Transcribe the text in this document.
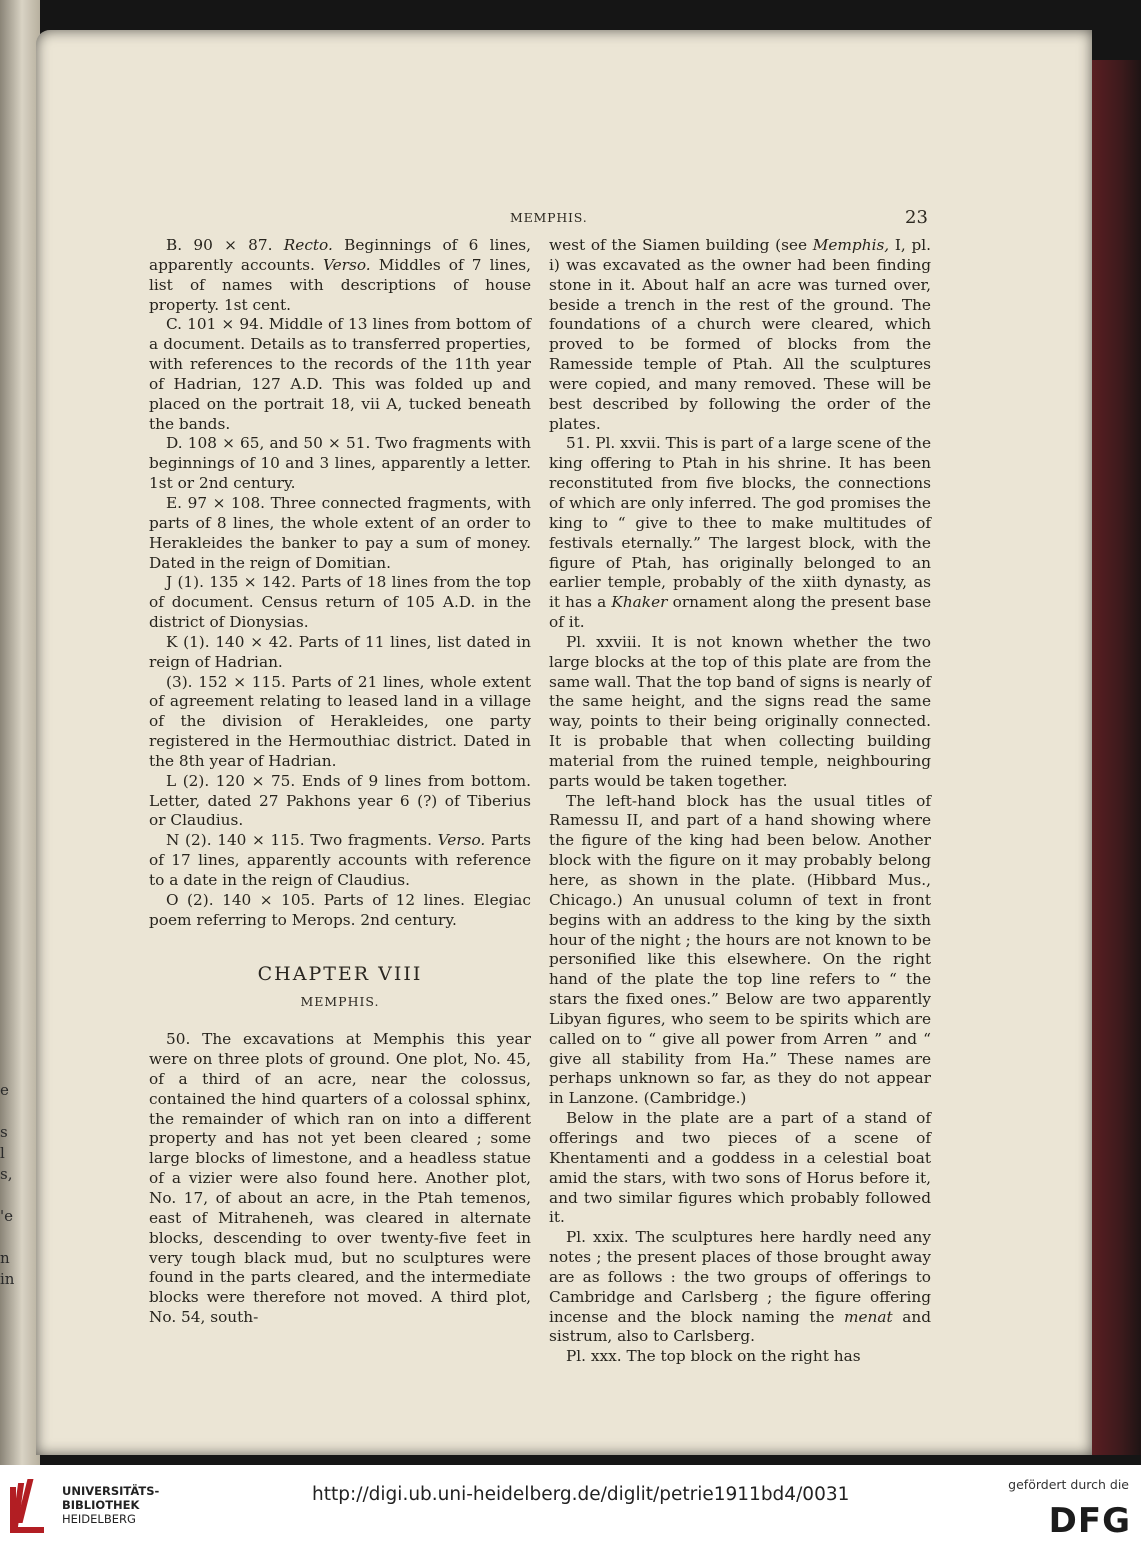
e
s
l
s,
'e
n
in
MEMPHIS.	23

B. 90 × 87. Recto. Beginnings of 6 lines, apparently accounts. Verso. Middles of 7 lines, list of names with descriptions of house property. 1st cent.

C. 101 × 94. Middle of 13 lines from bottom of a document. Details as to transferred properties, with references to the records of the 11th year of Hadrian, 127 A.D. This was folded up and placed on the portrait 18, vii A, tucked beneath the bands.

D. 108 × 65, and 50 × 51. Two fragments with beginnings of 10 and 3 lines, apparently a letter. 1st or 2nd century.

E. 97 × 108. Three connected fragments, with parts of 8 lines, the whole extent of an order to Herakleides the banker to pay a sum of money. Dated in the reign of Domitian.

J (1). 135 × 142. Parts of 18 lines from the top of document. Census return of 105 A.D. in the district of Dionysias.

K (1). 140 × 42. Parts of 11 lines, list dated in reign of Hadrian.

(3). 152 × 115. Parts of 21 lines, whole extent of agreement relating to leased land in a village of the division of Herakleides, one party registered in the Hermouthiac district. Dated in the 8th year of Hadrian.

L (2). 120 × 75. Ends of 9 lines from bottom. Letter, dated 27 Pakhons year 6 (?) of Tiberius or Claudius.

N (2). 140 × 115. Two fragments. Verso. Parts of 17 lines, apparently accounts with reference to a date in the reign of Claudius.

O (2). 140 × 105. Parts of 12 lines. Elegiac poem referring to Merops. 2nd century.

CHAPTER VIII
MEMPHIS.

50. The excavations at Memphis this year were on three plots of ground. One plot, No. 45, of a third of an acre, near the colossus, contained the hind quarters of a colossal sphinx, the remainder of which ran on into a different property and has not yet been cleared ; some large blocks of limestone, and a headless statue of a vizier were also found here. Another plot, No. 17, of about an acre, in the Ptah temenos, east of Mitraheneh, was cleared in alternate blocks, descending to over twenty-five feet in very tough black mud, but no sculptures were found in the parts cleared, and the intermediate blocks were therefore not moved. A third plot, No. 54, south-

west of the Siamen building (see Memphis, I, pl. i) was excavated as the owner had been finding stone in it. About half an acre was turned over, beside a trench in the rest of the ground. The foundations of a church were cleared, which proved to be formed of blocks from the Ramesside temple of Ptah. All the sculptures were copied, and many removed. These will be best described by following the order of the plates.

51. Pl. xxvii. This is part of a large scene of the king offering to Ptah in his shrine. It has been reconstituted from five blocks, the connections of which are only inferred. The god promises the king to “ give to thee to make multitudes of festivals eternally.” The largest block, with the figure of Ptah, has originally belonged to an earlier temple, probably of the xiith dynasty, as it has a Khaker ornament along the present base of it.

Pl. xxviii. It is not known whether the two large blocks at the top of this plate are from the same wall. That the top band of signs is nearly of the same height, and the signs read the same way, points to their being originally connected. It is probable that when collecting building material from the ruined temple, neighbouring parts would be taken together.

The left-hand block has the usual titles of Ramessu II, and part of a hand showing where the figure of the king had been below. Another block with the figure on it may probably belong here, as shown in the plate. (Hibbard Mus., Chicago.) An unusual column of text in front begins with an address to the king by the sixth hour of the night ; the hours are not known to be personified like this elsewhere. On the right hand of the plate the top line refers to “ the stars the fixed ones.” Below are two apparently Libyan figures, who seem to be spirits which are called on to “ give all power from Arren ” and “ give all stability from Ha.” These names are perhaps unknown so far, as they do not appear in Lanzone. (Cambridge.)

Below in the plate are a part of a stand of offerings and two pieces of a scene of Khentamenti and a goddess in a celestial boat amid the stars, with two sons of Horus before it, and two similar figures which probably followed it.

Pl. xxix. The sculptures here hardly need any notes ; the present places of those brought away are as follows : the two groups of offerings to Cambridge and Carlsberg ; the figure offering incense and the block naming the menat and sistrum, also to Carlsberg.

Pl. xxx. The top block on the right has

UNIVERSITÄTS-
BIBLIOTHEK
HEIDELBERG
http://digi.ub.uni-heidelberg.de/diglit/petrie1911bd4/0031	gefördert durch die
DFG
